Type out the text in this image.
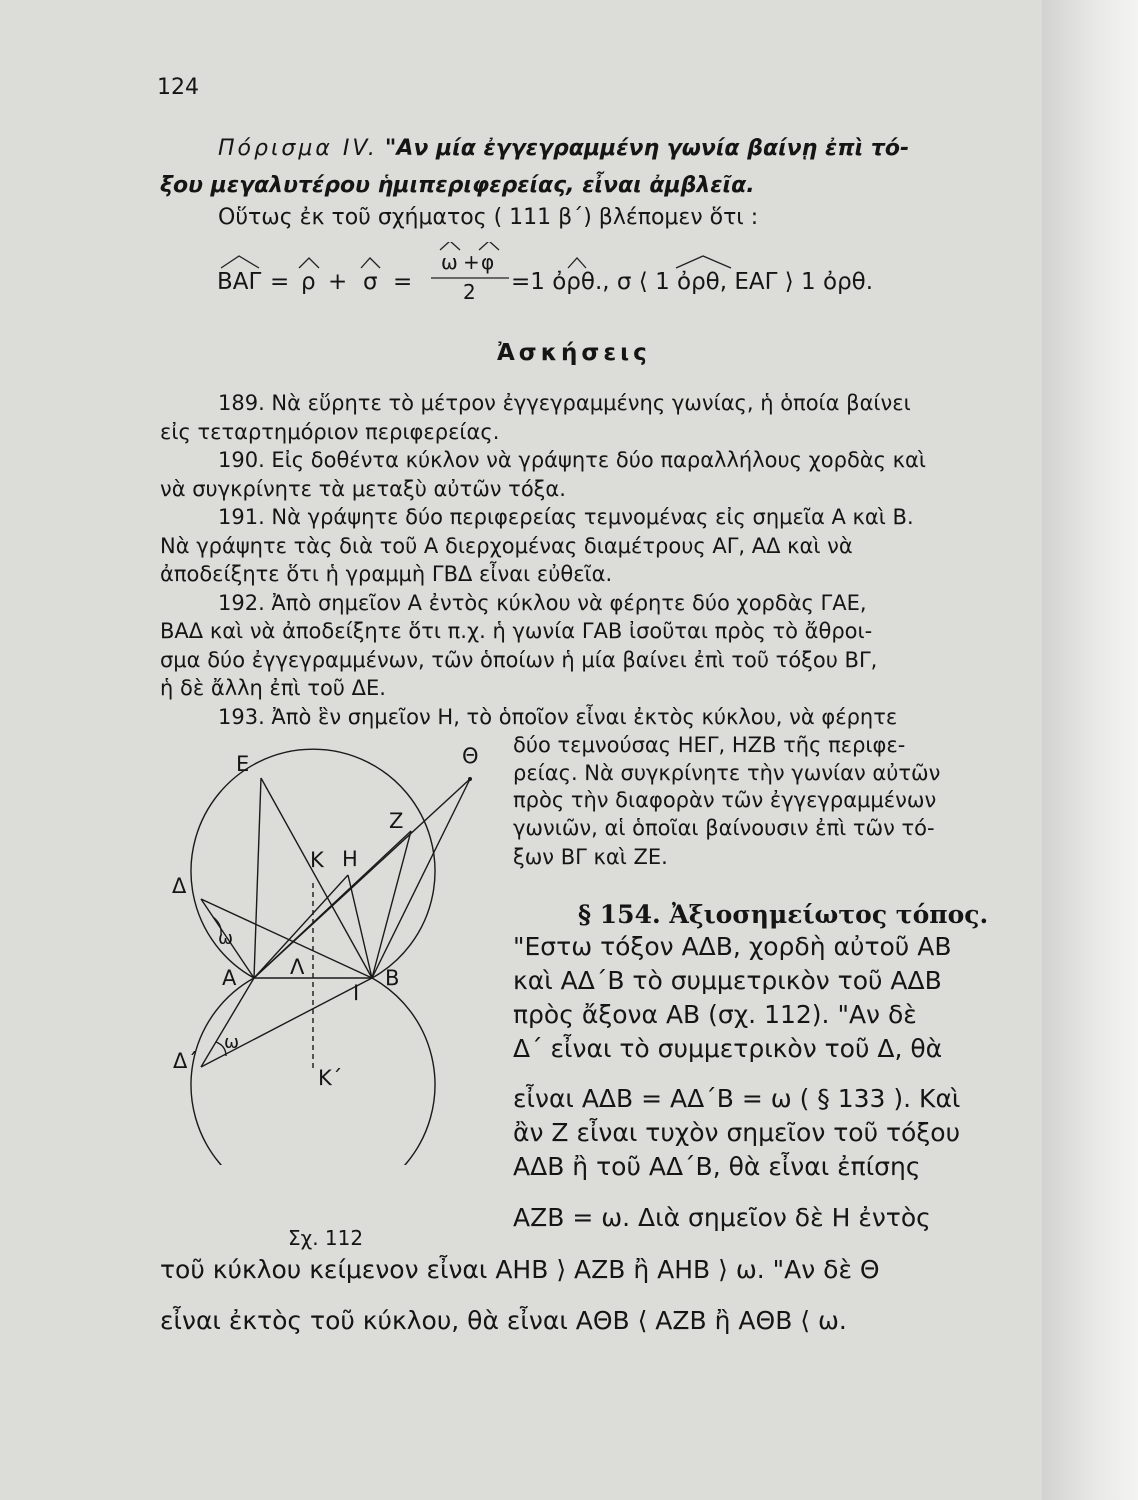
124
Πόρισμα IV. "Αν μία ἐγγεγραμμένη γωνία βαίνῃ ἐπὶ τό-
ξου μεγαλυτέρου ἡμιπεριφερείας, εἶναι ἀμβλεῖα.
Οὕτως ἐκ τοῦ σχήματος ( 111 β΄) βλέπομεν ὅτι :
ΒΑΓ = ρ + σ =
ω + φ
2 =1 ὀρθ., σ ⟨ 1 ὀρθ, ΕΑΓ ⟩ 1 ὀρθ.
Ἀσκήσεις
189. Νὰ εὕρητε τὸ μέτρον ἐγγεγραμμένης γωνίας, ἡ ὁποία βαίνει
εἰς τεταρτημόριον περιφερείας.
190. Εἰς δοθέντα κύκλον νὰ γράψητε δύο παραλλήλους χορδὰς καὶ
νὰ συγκρίνητε τὰ μεταξὺ αὐτῶν τόξα.
191. Νὰ γράψητε δύο περιφερείας τεμνομένας εἰς σημεῖα Α καὶ Β.
Νὰ γράψητε τὰς διὰ τοῦ Α διερχομένας διαμέτρους ΑΓ, ΑΔ καὶ νὰ
ἀποδείξητε ὅτι ἡ γραμμὴ ΓΒΔ εἶναι εὐθεῖα.
192. Ἀπὸ σημεῖον Α ἐντὸς κύκλου νὰ φέρητε δύο χορδὰς ΓΑΕ,
ΒΑΔ καὶ νὰ ἀποδείξητε ὅτι π.χ. ἡ γωνία ΓΑΒ ἰσοῦται πρὸς τὸ ἄθροι-
σμα δύο ἐγγεγραμμένων, τῶν ὁποίων ἡ μία βαίνει ἐπὶ τοῦ τόξου ΒΓ,
ἡ δὲ ἄλλη ἐπὶ τοῦ ΔΕ.
193. Ἀπὸ ἓν σημεῖον Η, τὸ ὁποῖον εἶναι ἐκτὸς κύκλου, νὰ φέρητε
δύο τεμνούσας ΗΕΓ, ΗΖΒ τῆς περιφε-
ρείας. Νὰ συγκρίνητε τὴν γωνίαν αὐτῶν
πρὸς τὴν διαφορὰν τῶν ἐγγεγραμμένων
γωνιῶν, αἱ ὁποῖαι βαίνουσιν ἐπὶ τῶν τό-
ξων ΒΓ καὶ ΖΕ.
§ 154. Ἀξιοσημείωτος τόπος.
"Εστω τόξον ΑΔΒ, χορδὴ αὐτοῦ ΑΒ
καὶ ΑΔ΄Β τὸ συμμετρικὸν τοῦ ΑΔΒ
πρὸς ἄξονα ΑΒ (σχ. 112). "Αν δὲ
Δ΄ εἶναι τὸ συμμετρικὸν τοῦ Δ, θὰ
εἶναι ΑΔΒ = ΑΔ΄Β = ω ( § 133 ). Καὶ
ἂν Ζ εἶναι τυχὸν σημεῖον τοῦ τόξου
ΑΔΒ ἢ τοῦ ΑΔ΄Β, θὰ εἶναι ἐπίσης
ΑΖΒ = ω. Διὰ σημεῖον δὲ Η ἐντὸς
τοῦ κύκλου κείμενον εἶναι ΑΗΒ ⟩ ΑΖΒ ἢ ΑΗΒ ⟩ ω. "Αν δὲ Θ
εἶναι ἐκτὸς τοῦ κύκλου, θὰ εἶναι ΑΘΒ ⟨ ΑΖΒ ἢ ΑΘΒ ⟨ ω.
Ε	Θ
Ζ
Κ Η
Δ
ω
Α	Λ	Β
Ι
ω
Δ΄
Κ΄
Σχ. 112
